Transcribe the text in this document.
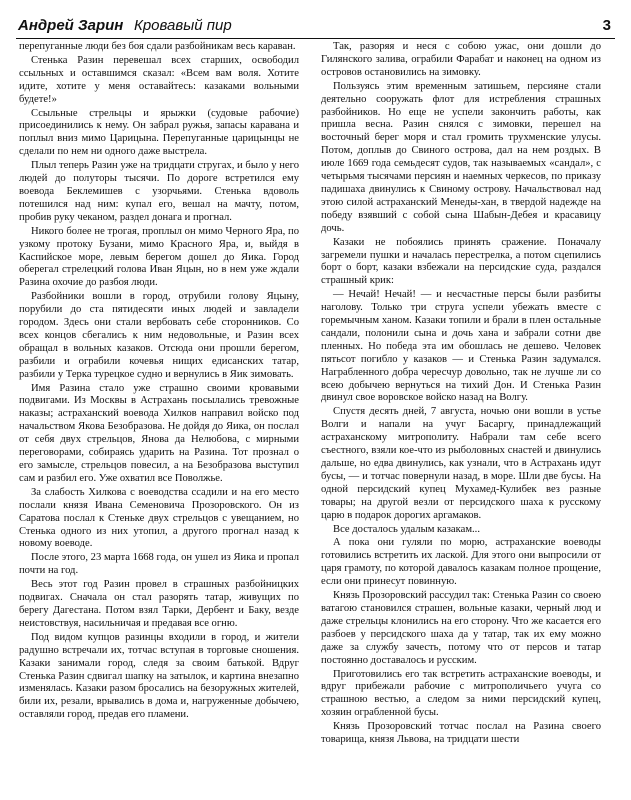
Андрей Зарин Кровавый пир	3

перепуганные люди без боя сдали разбойникам весь караван.

Стенька Разин перевешал всех старших, освободил ссыльных и оставшимся сказал: «Всем вам воля. Хотите идите, хотите у меня оставайтесь: казаками вольными будете!»

Ссыльные стрельцы и ярыжки (судовые рабочие) присоединились к нему. Он забрал ружья, запасы каравана и поплыл вниз мимо Царицына. Перепуганные царицынцы не сделали по нем ни одного даже выстрела.

Плыл теперь Разин уже на тридцати стругах, и было у него людей до полуторы тысячи. По дороге встретился ему воевода Беклемишев с узорчьями. Стенька вдоволь потешился над ним: купал его, вешал на мачту, потом, пробив руку чеканом, раздел донага и прогнал.

Никого более не трогая, проплыл он мимо Черного Яра, по узкому протоку Бузани, мимо Красного Яра, и, выйдя в Каспийское море, левым берегом дошел до Яика. Город оберегал стрелецкий голова Иван Яцын, но в нем уже ждали Разина охочие до разбоя люди.

Разбойники вошли в город, отрубили голову Яцыну, порубили до ста пятидесяти иных людей и завладели городом. Здесь они стали вербовать себе сторонников. Со всех концов сбегались к ним недовольные, и Разин всех обращал в вольных казаков. Отсюда они прошли берегом, разбили и ограбили кочевья нищих едисанских татар, разбили у Терка турецкое судно и вернулись в Яик зимовать.

Имя Разина стало уже страшно своими кровавыми подвигами. Из Москвы в Астрахань посылались тревожные наказы; астраханский воевода Хилков направил войско под начальством Якова Безобразова. Не дойдя до Яика, он послал от себя двух стрельцов, Янова да Нелюбова, с мирными переговорами, собираясь ударить на Разина. Тот прознал о его замысле, стрельцов повесил, а на Безобразова выступил сам и разбил его. Уже охватил все Поволжье.

За слабость Хилкова с воеводства ссадили и на его место послали князя Ивана Семеновича Прозоровского. Он из Саратова послал к Стеньке двух стрельцов с увещанием, но Стенька одного из них утопил, а другого прогнал назад к новому воеводе.

После этого, 23 марта 1668 года, он ушел из Яика и пропал почти на год.

Весь этот год Разин провел в страшных разбойницких подвигах. Сначала он стал разорять татар, живущих по берегу Дагестана. Потом взял Тарки, Дербент и Баку, везде неистовствуя, насильничая и предавая все огню.

Под видом купцов разинцы входили в город, и жители радушно встречали их, тотчас вступая в торговые сношения. Казаки занимали город, следя за своим батькой. Вдруг Стенька Разин сдвигал шапку на затылок, и картина внезапно изменялась. Казаки разом бросались на безоружных жителей, били их, резали, врывались в дома и, нагруженные добычею, оставляли город, предав его пламени.

Так, разоряя и неся с собою ужас, они дошли до Гилянского залива, ограбили Фарабат и наконец на одном из островов остановились на зимовку.

Пользуясь этим временным затишьем, персияне стали деятельно сооружать флот для истребления страшных разбойников. Но еще не успели закончить работы, как пришла весна. Разин снялся с зимовки, перешел на восточный берег моря и стал громить трухменские улусы. Потом, доплыв до Свиного острова, дал на нем роздых. В июле 1669 года семьдесят судов, так называемых «сандал», с четырьмя тысячами персиян и наемных черкесов, по приказу падишаха двинулись к Свиному острову. Начальствовал над этою силой астраханский Менеды-хан, в твердой надежде на победу взявший с собой сына Шабын-Дебея и красавицу дочь.

Казаки не побоялись принять сражение. Поначалу загремели пушки и началась перестрелка, а потом сцепились борт о борт, казаки взбежали на персидские суда, раздался страшный крик:

— Нечай! Нечай! — и несчастные персы были разбиты наголову. Только три струга успели убежать вместе с горемычным ханом. Казаки топили и брали в плен остальные сандали, полонили сына и дочь хана и забрали сотни две пленных. Но победа эта им обошлась не дешево. Человек пятьсот погибло у казаков — и Стенька Разин задумался. Награбленного добра чересчур довольно, так не лучше ли со всею добычею вернуться на тихий Дон. И Стенька Разин двинул свое воровское войско назад на Волгу.

Спустя десять дней, 7 августа, ночью они вошли в устье Волги и напали на учуг Басаргу, принадлежащий астраханскому митрополиту. Набрали там себе всего съестного, взяли кое-что из рыболовных снастей и двинулись дальше, но едва двинулись, как узнали, что в Астрахань идут бусы, — и тотчас повернули назад, в море. Шли две бусы. На одной персидский купец Мухамед-Кулибек вез разные товары; на другой везли от персидского шаха к русскому царю в подарок дорогих аргамаков.

Все досталось удалым казакам...

А пока они гуляли по морю, астраханские воеводы готовились встретить их лаской. Для этого они выпросили от царя грамоту, по которой давалось казакам полное прощение, если они принесут повинную.

Князь Прозоровский рассудил так: Стенька Разин со своею ватагою становился страшен, вольные казаки, черный люд и даже стрельцы клонились на его сторону. Что же касается его разбоев у персидского шаха да у татар, так их ему можно даже за службу зачесть, потому что от персов и татар постоянно доставалось и русским.

Приготовились его так встретить астраханские воеводы, и вдруг прибежали рабочие с митрополичьего учуга со страшною вестью, а следом за ними персидский купец, хозяин ограбленной бусы.

Князь Прозоровский тотчас послал на Разина своего товарища, князя Львова, на тридцати шести
